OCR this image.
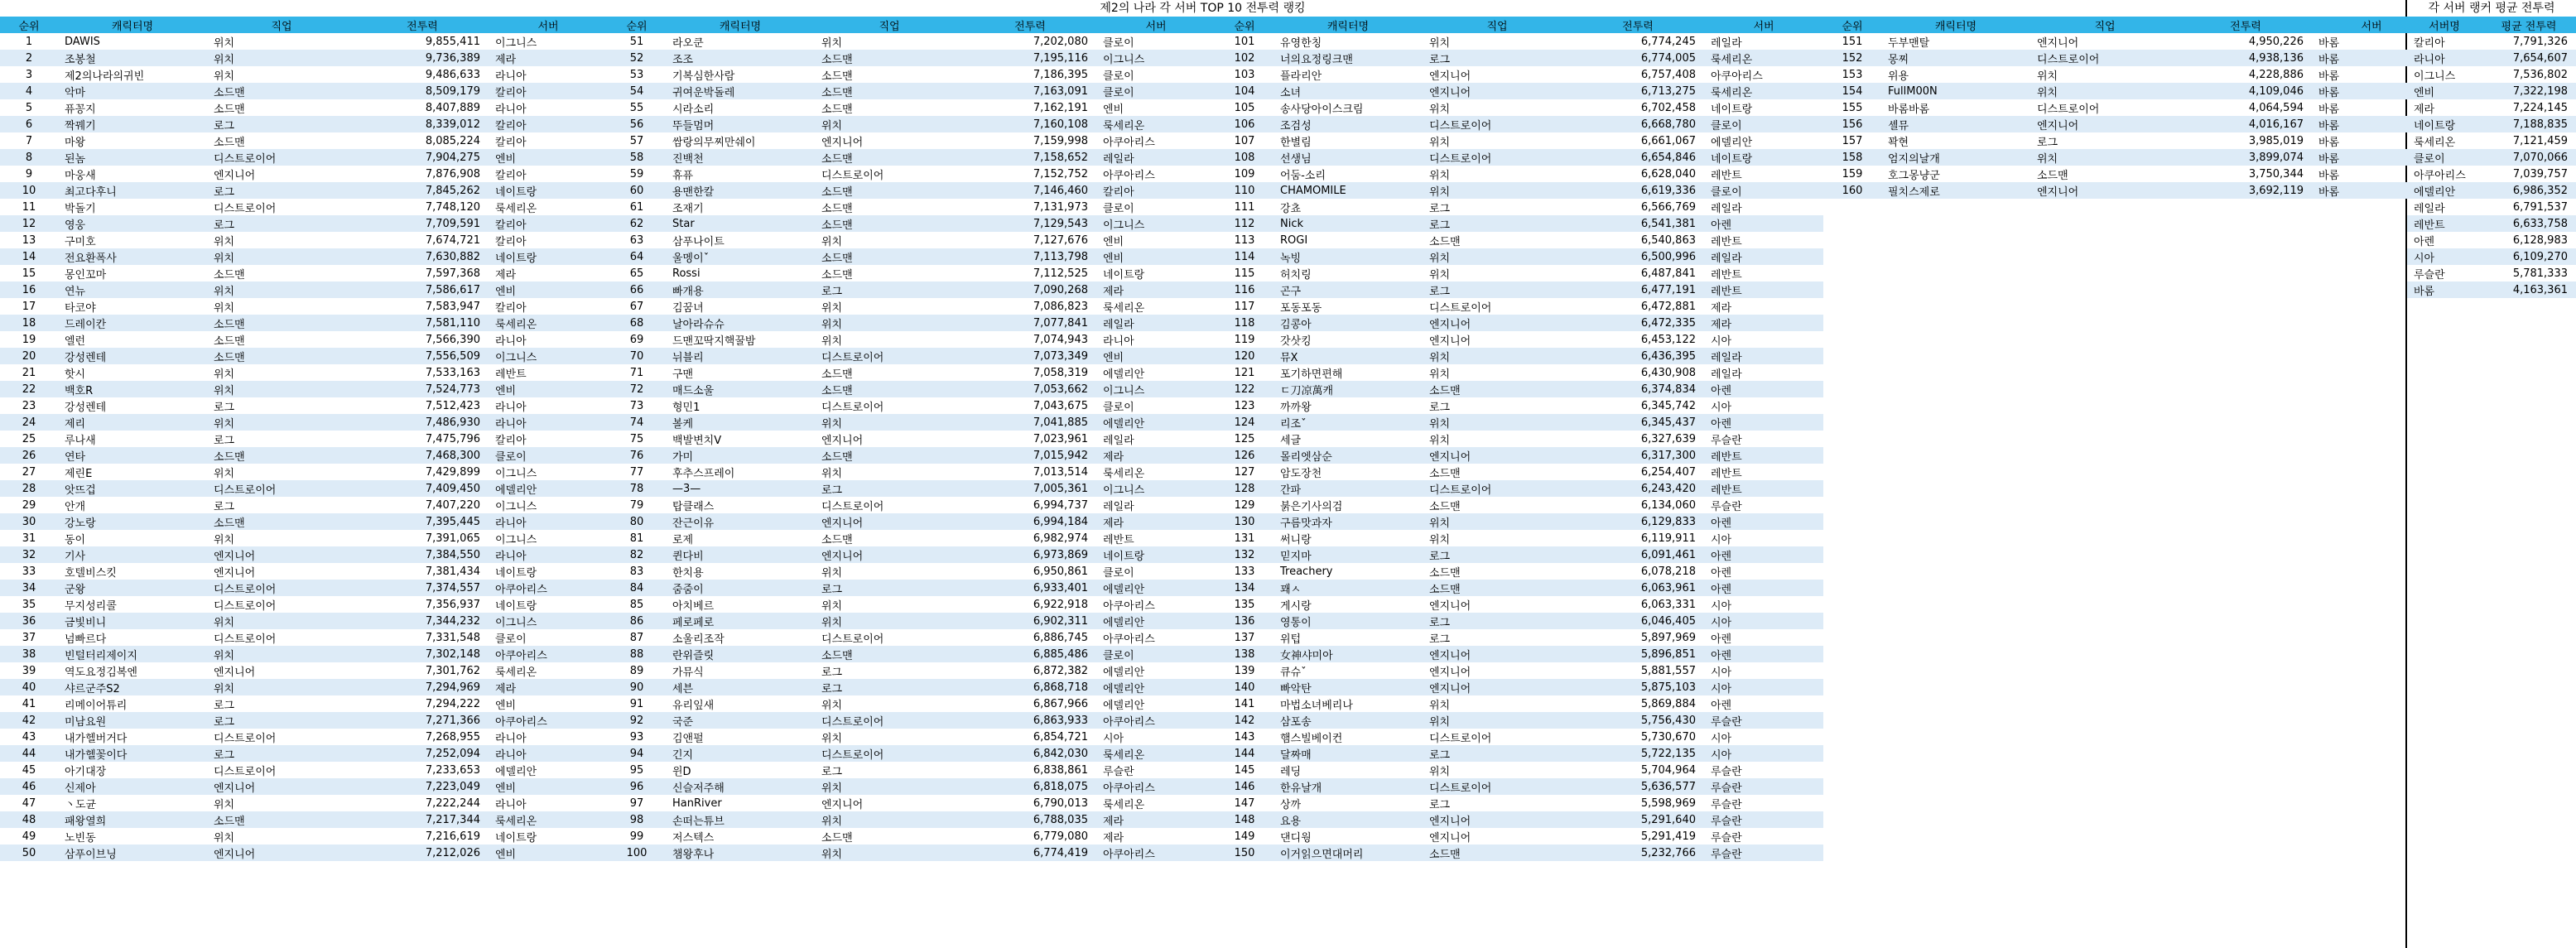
제2의 나라 각 서버 TOP 10 전투력 랭킹	각 서버 랭커 평균 전투력
순위	캐릭터명	직업	전투력	서버
1	DAWIS	위치	9,855,411	이그니스
2	조봉철	위치	9,736,389	제라
3	제2의나라의귀빈	위치	9,486,633	라니아
4	악마	소드맨	8,509,179	칼리아
5	퓨꽁지	소드맨	8,407,889	라니아
6	짝꿰기	로그	8,339,012	칼리아
7	마왕	소드맨	8,085,224	칼리아
8	된놈	디스트로이어	7,904,275	엔비
9	마웅새	엔지니어	7,876,908	칼리아
10	최고다후니	로그	7,845,262	네이트랑
11	박돌기	디스트로이어	7,748,120	룩세리온
12	영웅	로그	7,709,591	칼리아
13	구미호	위치	7,674,721	칼리아
14	전요환폭사	위치	7,630,882	네이트랑
15	몽인꼬마	소드맨	7,597,368	제라
16	연뉴	위치	7,586,617	엔비
17	타코야	위치	7,583,947	칼리아
18	드레이칸	소드맨	7,581,110	룩세리온
19	엘런	소드맨	7,566,390	라니아
20	강성렌테	소드맨	7,556,509	이그니스
21	핫시	위치	7,533,163	레반트
22	백호R	위치	7,524,773	엔비
23	강성렌테	로그	7,512,423	라니아
24	제리	위치	7,486,930	라니아
25	루나새	로그	7,475,796	칼리아
26	연타	소드맨	7,468,300	클로이
27	제린E	위치	7,429,899	이그니스
28	앗뜨겁	디스트로이어	7,409,450	에델리안
29	안개	로그	7,407,220	이그니스
30	강노랑	소드맨	7,395,445	라니아
31	동이	위치	7,391,065	이그니스
32	기사	엔지니어	7,384,550	라니아
33	호텔비스킷	엔지니어	7,381,434	네이트랑
34	군왕	디스트로이어	7,374,557	아쿠아리스
35	무지성리콜	디스트로이어	7,356,937	네이트랑
36	금빛비니	위치	7,344,232	이그니스
37	넘빠르다	디스트로이어	7,331,548	클로이
38	빈털터리제이지	위치	7,302,148	아쿠아리스
39	역도요정김복엔	엔지니어	7,301,762	룩세리온
40	샤르군주S2	위치	7,294,969	제라
41	리메이어튜리	로그	7,294,222	엔비
42	미남요원	로그	7,271,366	아쿠아리스
43	내가헬버거다	디스트로이어	7,268,955	라니아
44	내가헬꽃이다	로그	7,252,094	라니아
45	아기대장	디스트로이어	7,233,653	에델리안
46	신제아	엔지니어	7,223,049	엔비
47	丶도균	위치	7,222,244	라니아
48	패왕열희	소드맨	7,217,344	룩세리온
49	노빈동	위치	7,216,619	네이트랑
50	삼푸이브닝	엔지니어	7,212,026	엔비
순위	캐릭터명	직업	전투력	서버
51	라오쿤	위치	7,202,080	클로이
52	조조	소드맨	7,195,116	이그니스
53	기복심한사람	소드맨	7,186,395	클로이
54	귀여운박돌레	소드맨	7,163,091	클로이
55	시라소리	소드맨	7,162,191	엔비
56	뚜들멈머	위치	7,160,108	룩세리온
57	쌈랑의무찌만쉐이	엔지니어	7,159,998	아쿠아리스
58	진백천	소드맨	7,158,652	레일라
59	휴퓨	디스트로이어	7,152,752	아쿠아리스
60	용맨한칼	소드맨	7,146,460	칼리아
61	조재기	소드맨	7,131,973	클로이
62	Star	소드맨	7,129,543	이그니스
63	삼푸나이트	위치	7,127,676	엔비
64	울멩이ˇ	소드맨	7,113,798	엔비
65	Rossi	소드맨	7,112,525	네이트랑
66	빠개용	로그	7,090,268	제라
67	김꿈녀	위치	7,086,823	룩세리온
68	날아라슈슈	위치	7,077,841	레일라
69	드맨꼬딱지핵꿀밤	위치	7,074,943	라니아
70	뉘블리	디스트로이어	7,073,349	엔비
71	구맨	소드맨	7,058,319	에델리안
72	매드소울	소드맨	7,053,662	이그니스
73	형민1	디스트로이어	7,043,675	클로이
74	볼케	위치	7,041,885	에델리안
75	백발변치V	엔지니어	7,023,961	레일라
76	가미	소드맨	7,015,942	제라
77	후추스프레이	위치	7,013,514	룩세리온
78	—3—	로그	7,005,361	이그니스
79	탑클래스	디스트로이어	6,994,737	레일라
80	잔근이유	엔지니어	6,994,184	제라
81	로제	소드맨	6,982,974	레반트
82	퀸다비	엔지니어	6,973,869	네이트랑
83	한치용	위치	6,950,861	클로이
84	줌줌이	로그	6,933,401	에델리안
85	아치베르	위치	6,922,918	아쿠아리스
86	페로페로	위치	6,902,311	에델리안
87	소울리조작	디스트로이어	6,886,745	아쿠아리스
88	란위즐릿	소드맨	6,885,486	클로이
89	가뮤식	로그	6,872,382	에델리안
90	세븐	로그	6,868,718	에델리안
91	유리잎새	위치	6,867,966	에델리안
92	국준	디스트로이어	6,863,933	아쿠아리스
93	김앤펄	위치	6,854,721	시아
94	긴지	디스트로이어	6,842,030	룩세리온
95	윈D	로그	6,838,861	루슬란
96	신슬저주해	위치	6,818,075	아쿠아리스
97	HanRiver	엔지니어	6,790,013	룩세리온
98	손떠는튜브	위치	6,788,035	제라
99	저스텍스	소드맨	6,779,080	제라
100	챔왕후나	위치	6,774,419	아쿠아리스
순위	캐릭터명	직업	전투력	서버
101	유영한칭	위치	6,774,245	레일라
102	너의요정링크맨	로그	6,774,005	룩세리온
103	플라리안	엔지니어	6,757,408	아쿠아리스
104	소녀	엔지니어	6,713,275	룩세리온
105	송사당아이스크림	위치	6,702,458	네이트랑
106	조검성	디스트로이어	6,668,780	클로이
107	한별림	위치	6,661,067	에델리안
108	선생님	디스트로이어	6,654,846	네이트랑
109	어둠-소리	위치	6,628,040	레반트
110	CHAMOMILE	위치	6,619,336	클로이
111	강쵸	로그	6,566,769	레일라
112	Nick	로그	6,541,381	아렌
113	ROGI	소드맨	6,540,863	레반트
114	녹빙	위치	6,500,996	레일라
115	허치링	위치	6,487,841	레반트
116	곤구	로그	6,477,191	레반트
117	포동포동	디스트로이어	6,472,881	제라
118	김콩아	엔지니어	6,472,335	제라
119	갓삿킹	엔지니어	6,453,122	시아
120	뮤X	위치	6,436,395	레일라
121	포기하면편해	위치	6,430,908	레일라
122	ㄷ刀凉萬캐	소드맨	6,374,834	아렌
123	까까왕	로그	6,345,742	시아
124	리조ˇ	위치	6,345,437	아렌
125	세글	위치	6,327,639	루슬란
126	몰리엣삼순	엔지니어	6,317,300	레반트
127	암도장천	소드맨	6,254,407	레반트
128	간파	디스트로이어	6,243,420	레반트
129	붉은기사의검	소드맨	6,134,060	루슬란
130	구름맛과자	위치	6,129,833	아렌
131	써니랑	위치	6,119,911	시아
132	믿지마	로그	6,091,461	아렌
133	Treachery	소드맨	6,078,218	아렌
134	꽤ㅅ	소드맨	6,063,961	아렌
135	게시랑	엔지니어	6,063,331	시아
136	영통이	로그	6,046,405	시아
137	위텁	로그	5,897,969	아렌
138	女神샤미아	엔지니어	5,896,851	아렌
139	큐슈ˇ	엔지니어	5,881,557	시아
140	빠악탄	엔지니어	5,875,103	시아
141	마법소녀베리나	위치	5,869,884	아렌
142	삼포송	위치	5,756,430	루슬란
143	햄스빌베이컨	디스트로이어	5,730,670	시아
144	달짜매	로그	5,722,135	시아
145	레딩	위치	5,704,964	루슬란
146	한유날개	디스트로이어	5,636,577	루슬란
147	상까	로그	5,598,969	루슬란
148	요용	엔지니어	5,291,640	루슬란
149	댄디웡	엔지니어	5,291,419	루슬란
150	이거읽으면대머리	소드맨	5,232,766	루슬란
순위	캐릭터명	직업	전투력	서버
151	두부맨탈	엔지니어	4,950,226	바롬
152	몽찌	디스트로이어	4,938,136	바롬
153	위용	위치	4,228,886	바롬
154	FullM00N	위치	4,109,046	바롬
155	바롬바롬	디스트로이어	4,064,594	바롬
156	셸뮤	엔지니어	4,016,167	바롬
157	꽉현	로그	3,985,019	바롬
158	엄지의날개	위치	3,899,074	바롬
159	호그몽냥군	소드맨	3,750,344	바롬
160	필치스제로	엔지니어	3,692,119	바롬
서버명	평균 전투력
칼리아	7,791,326
라니아	7,654,607
이그니스	7,536,802
엔비	7,322,198
제라	7,224,145
네이트랑	7,188,835
룩세리온	7,121,459
클로이	7,070,066
아쿠아리스	7,039,757
에델리안	6,986,352
레일라	6,791,537
레반트	6,633,758
아렌	6,128,983
시아	6,109,270
루슬란	5,781,333
바롬	4,163,361
